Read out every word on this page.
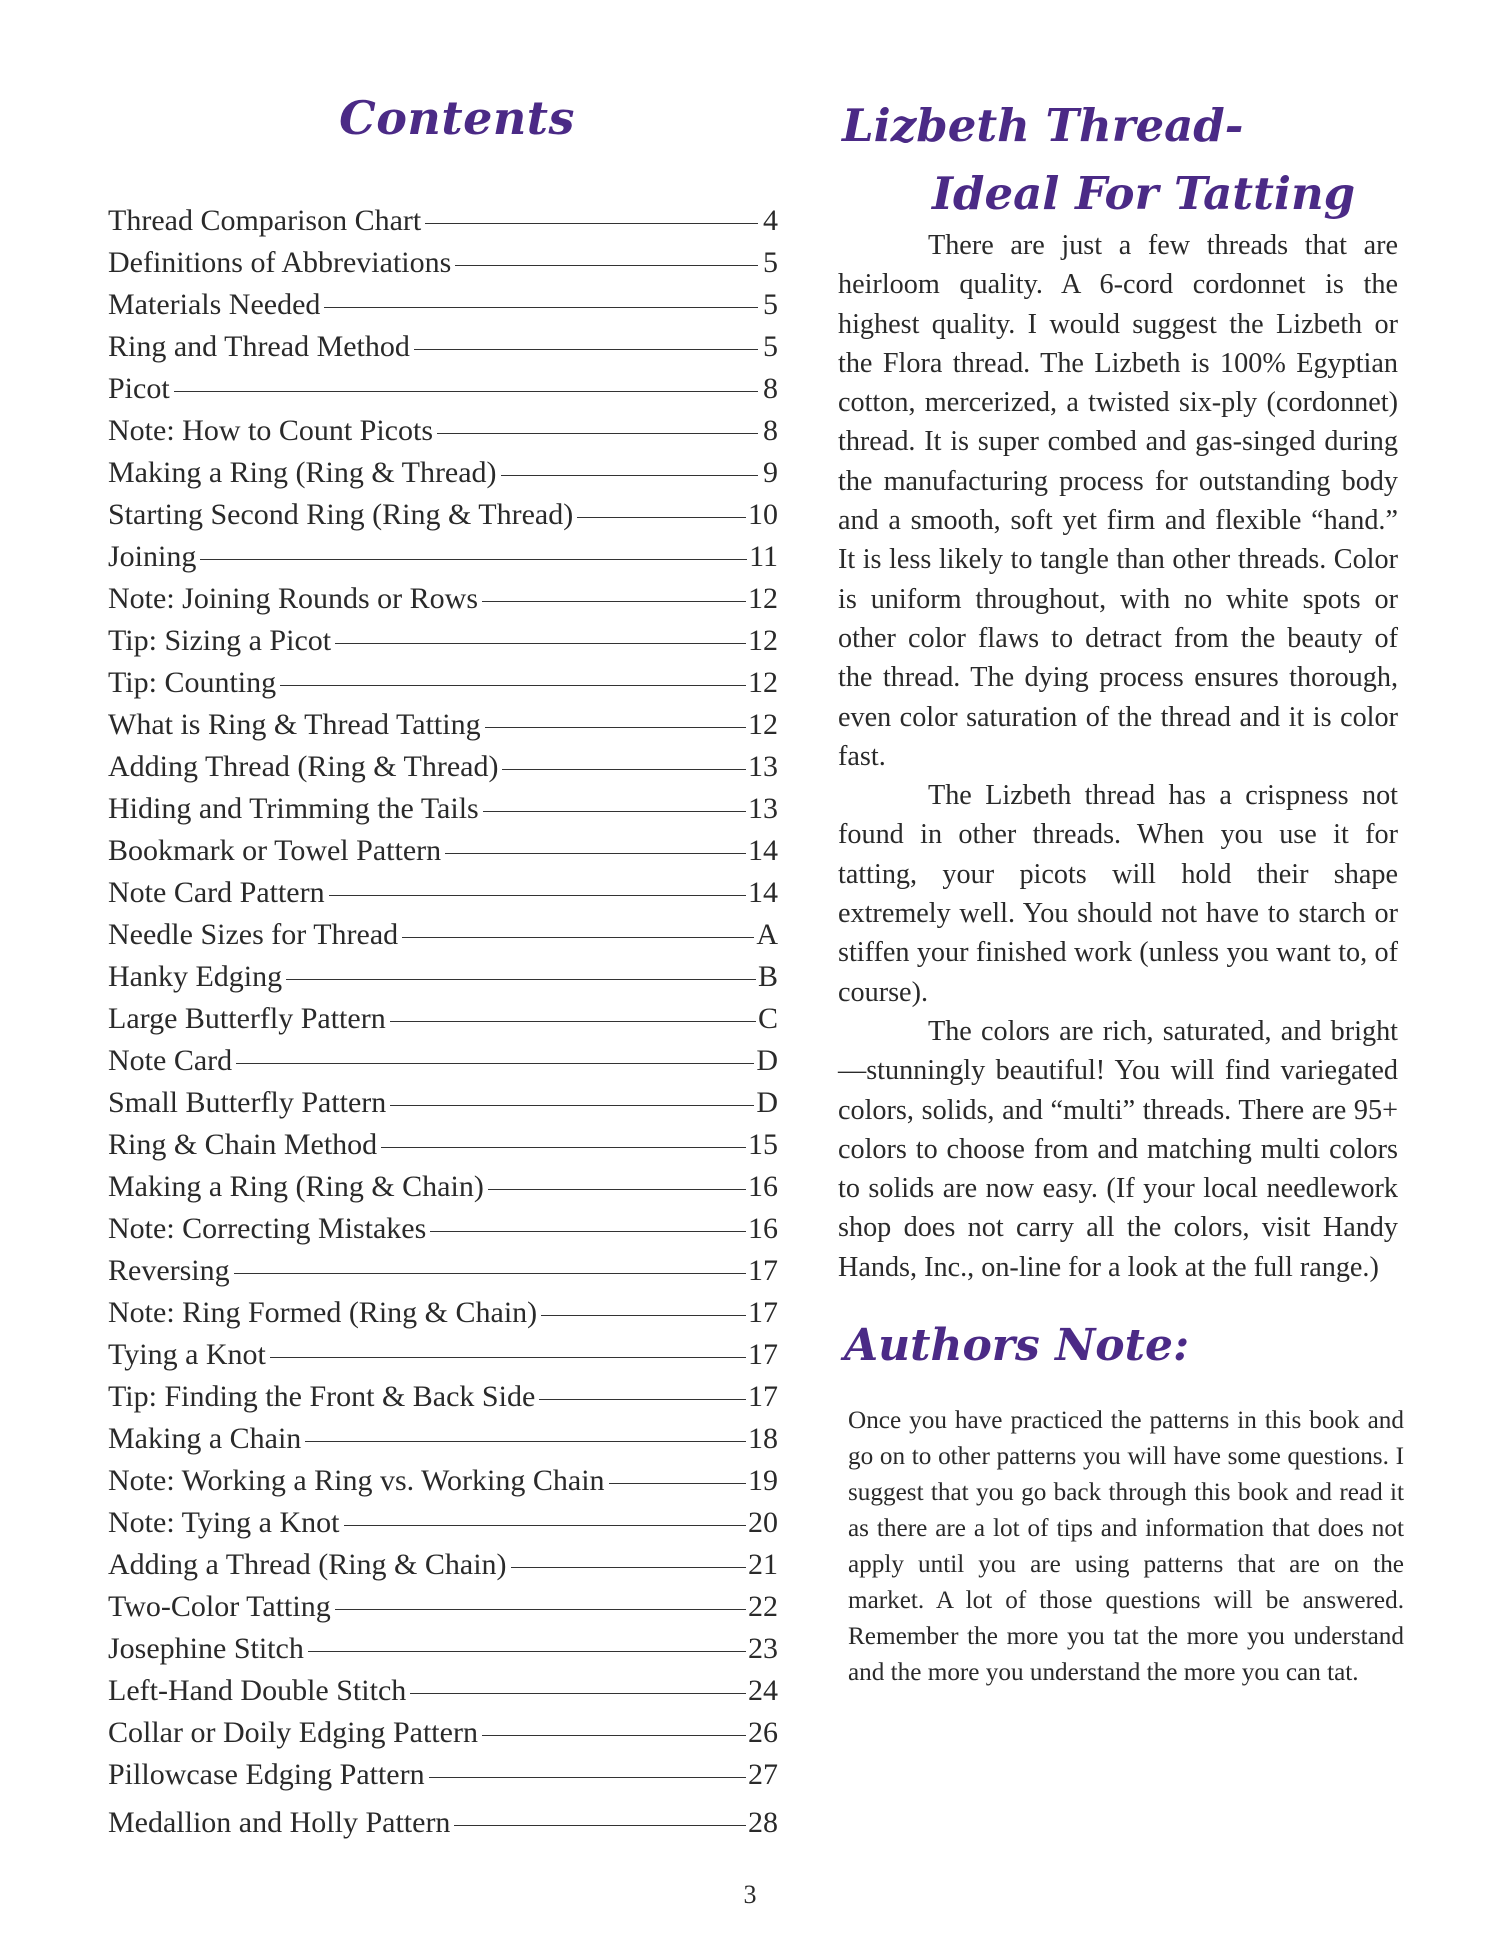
Contents
Thread Comparison Chart	4
Definitions of Abbreviations	5
Materials Needed	5
Ring and Thread Method	5
Picot	8
Note: How to Count Picots	8
Making a Ring (Ring & Thread)	9
Starting Second Ring (Ring & Thread)	10
Joining	11
Note: Joining Rounds or Rows	12
Tip: Sizing a Picot	12
Tip: Counting	12
What is Ring & Thread Tatting	12
Adding Thread (Ring & Thread)	13
Hiding and Trimming the Tails	13
Bookmark or Towel Pattern	14
Note Card Pattern	14
Needle Sizes for Thread	A
Hanky Edging	B
Large Butterfly Pattern	C
Note Card	D
Small Butterfly Pattern	D
Ring & Chain Method	15
Making a Ring (Ring & Chain)	16
Note: Correcting Mistakes	16
Reversing	17
Note: Ring Formed (Ring & Chain)	17
Tying a Knot	17
Tip: Finding the Front & Back Side	17
Making a Chain	18
Note: Working a Ring vs. Working Chain	19
Note: Tying a Knot	20
Adding a Thread (Ring & Chain)	21
Two-Color Tatting	22
Josephine Stitch	23
Left-Hand Double Stitch	24
Collar or Doily Edging Pattern	26
Pillowcase Edging Pattern	27
Medallion and Holly Pattern	28
Lizbeth Thread-
Ideal For Tatting

There are just a few threads that are heirloom quality. A 6-cord cordonnet is the highest quality. I would suggest the Lizbeth or the Flora thread. The Lizbeth is 100% Egyptian cotton, mercerized, a twisted six-ply (cordonnet) thread. It is super combed and gas-singed during the manufacturing process for outstanding body and a smooth, soft yet firm and flexible “hand.” It is less likely to tangle than other threads. Color is uniform throughout, with no white spots or other color flaws to detract from the beauty of the thread. The dying process ensures thorough, even color saturation of the thread and it is color fast.

The Lizbeth thread has a crispness not found in other threads. When you use it for tatting, your picots will hold their shape extremely well. You should not have to starch or stiffen your finished work (unless you want to, of course).

The colors are rich, saturated, and bright—stunningly beautiful! You will find variegated colors, solids, and “multi” threads. There are 95+ colors to choose from and matching multi colors to solids are now easy. (If your local needlework shop does not carry all the colors, visit Handy Hands, Inc., on-line for a look at the full range.)

Authors Note:
Once you have practiced the patterns in this book and go on to other patterns you will have some questions. I suggest that you go back through this book and read it as there are a lot of tips and information that does not apply until you are using patterns that are on the market. A lot of those questions will be answered. Remember the more you tat the more you understand and the more you understand the more you can tat.
3
